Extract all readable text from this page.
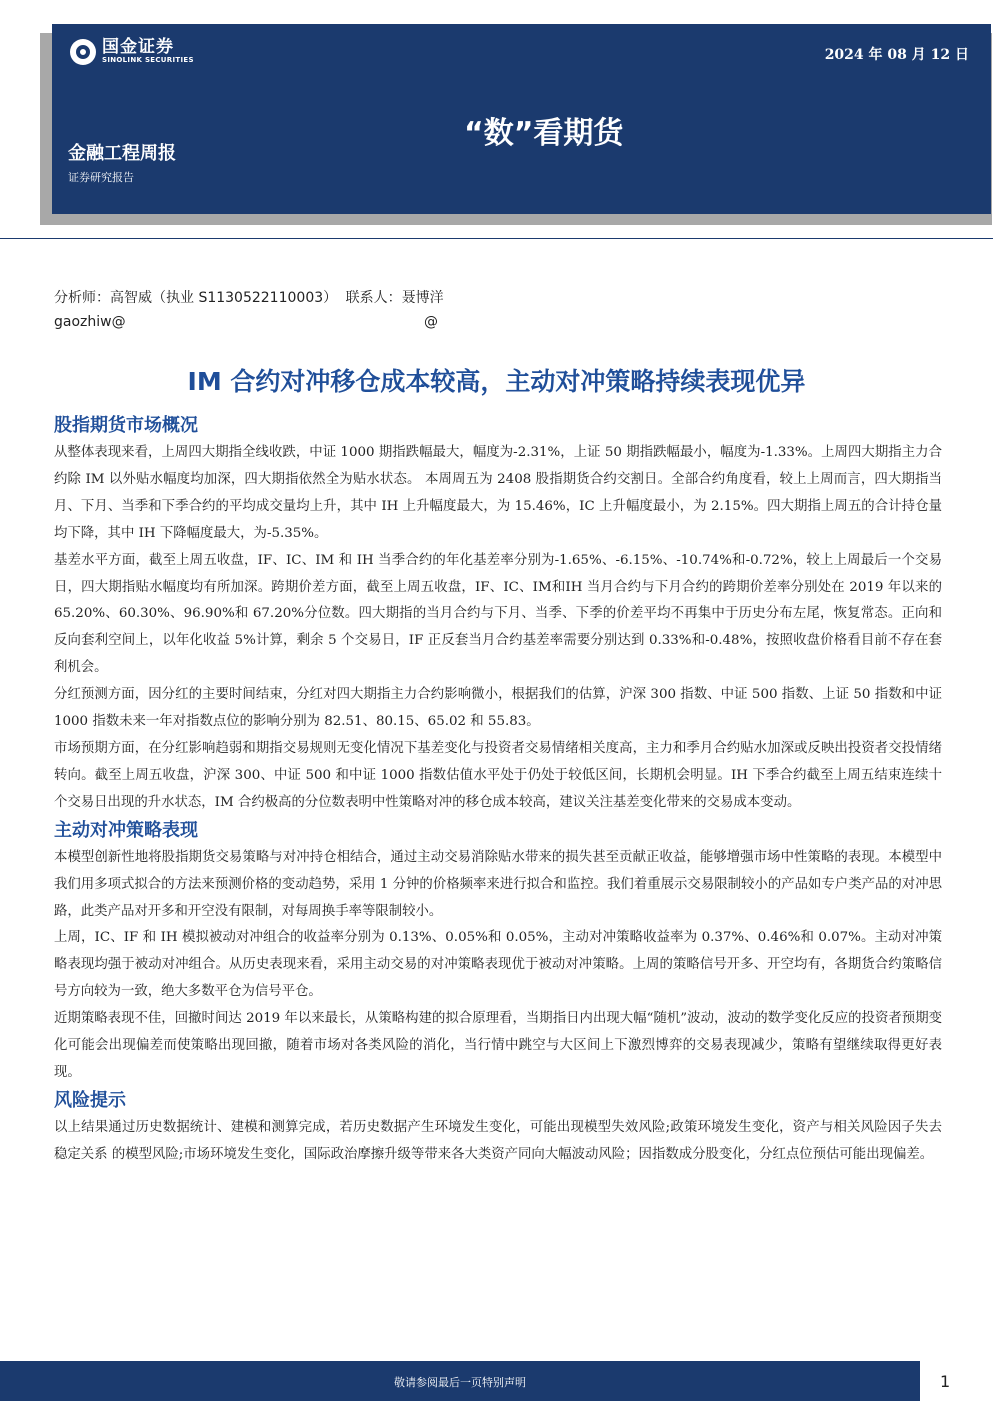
国金证券
SINOLINK SECURITIES	2024 年 08 月 12 日
“数”看期货
金融工程周报
证券研究报告
分析师：高智威（执业 S1130522110003） 联系人：聂博洋
gaozhiw@	@
IM 合约对冲移仓成本较高，主动对冲策略持续表现优异
股指期货市场概况

从整体表现来看，上周四大期指全线收跌，中证 1000 期指跌幅最大，幅度为-2.31%，上证 50 期指跌幅最小，幅度为-1.33%。上周四大期指主力合约除 IM 以外贴水幅度均加深，四大期指依然全为贴水状态。 本周周五为 2408 股指期货合约交割日。全部合约角度看，较上上周而言，四大期指当月、下月、当季和下季合约的平均成交量均上升，其中 IH 上升幅度最大，为 15.46%，IC 上升幅度最小，为 2.15%。四大期指上周五的合计持仓量均下降，其中 IH 下降幅度最大，为-5.35%。

基差水平方面，截至上周五收盘，IF、IC、IM 和 IH 当季合约的年化基差率分别为-1.65%、-6.15%、-10.74%和-0.72%，较上上周最后一个交易日，四大期指贴水幅度均有所加深。跨期价差方面，截至上周五收盘，IF、IC、IM和IH 当月合约与下月合约的跨期价差率分别处在 2019 年以来的 65.20%、60.30%、96.90%和 67.20%分位数。四大期指的当月合约与下月、当季、下季的价差平均不再集中于历史分布左尾，恢复常态。正向和反向套利空间上，以年化收益 5%计算，剩余 5 个交易日，IF 正反套当月合约基差率需要分别达到 0.33%和-0.48%，按照收盘价格看目前不存在套利机会。

分红预测方面，因分红的主要时间结束，分红对四大期指主力合约影响微小，根据我们的估算，沪深 300 指数、中证 500 指数、上证 50 指数和中证 1000 指数未来一年对指数点位的影响分别为 82.51、80.15、65.02 和 55.83。

市场预期方面，在分红影响趋弱和期指交易规则无变化情况下基差变化与投资者交易情绪相关度高，主力和季月合约贴水加深或反映出投资者交投情绪转向。截至上周五收盘，沪深 300、中证 500 和中证 1000 指数估值水平处于仍处于较低区间，长期机会明显。IH 下季合约截至上周五结束连续十个交易日出现的升水状态，IM 合约极高的分位数表明中性策略对冲的移仓成本较高，建议关注基差变化带来的交易成本变动。

主动对冲策略表现

本模型创新性地将股指期货交易策略与对冲持仓相结合，通过主动交易消除贴水带来的损失甚至贡献正收益，能够增强市场中性策略的表现。本模型中我们用多项式拟合的方法来预测价格的变动趋势，采用 1 分钟的价格频率来进行拟合和监控。我们着重展示交易限制较小的产品如专户类产品的对冲思路，此类产品对开多和开空没有限制，对每周换手率等限制较小。

上周，IC、IF 和 IH 模拟被动对冲组合的收益率分别为 0.13%、0.05%和 0.05%，主动对冲策略收益率为 0.37%、0.46%和 0.07%。主动对冲策略表现均强于被动对冲组合。从历史表现来看，采用主动交易的对冲策略表现优于被动对冲策略。上周的策略信号开多、开空均有，各期货合约策略信号方向较为一致，绝大多数平仓为信号平仓。

近期策略表现不佳，回撤时间达 2019 年以来最长，从策略构建的拟合原理看，当期指日内出现大幅“随机”波动，波动的数学变化反应的投资者预期变化可能会出现偏差而使策略出现回撤，随着市场对各类风险的消化，当行情中跳空与大区间上下激烈博弈的交易表现减少，策略有望继续取得更好表现。

风险提示

以上结果通过历史数据统计、建模和测算完成，若历史数据产生环境发生变化，可能出现模型失效风险;政策环境发生变化，资产与相关风险因子失去稳定关系 的模型风险;市场环境发生变化，国际政治摩擦升级等带来各大类资产同向大幅波动风险；因指数成分股变化，分红点位预估可能出现偏差。

敬请参阅最后一页特别声明	1
